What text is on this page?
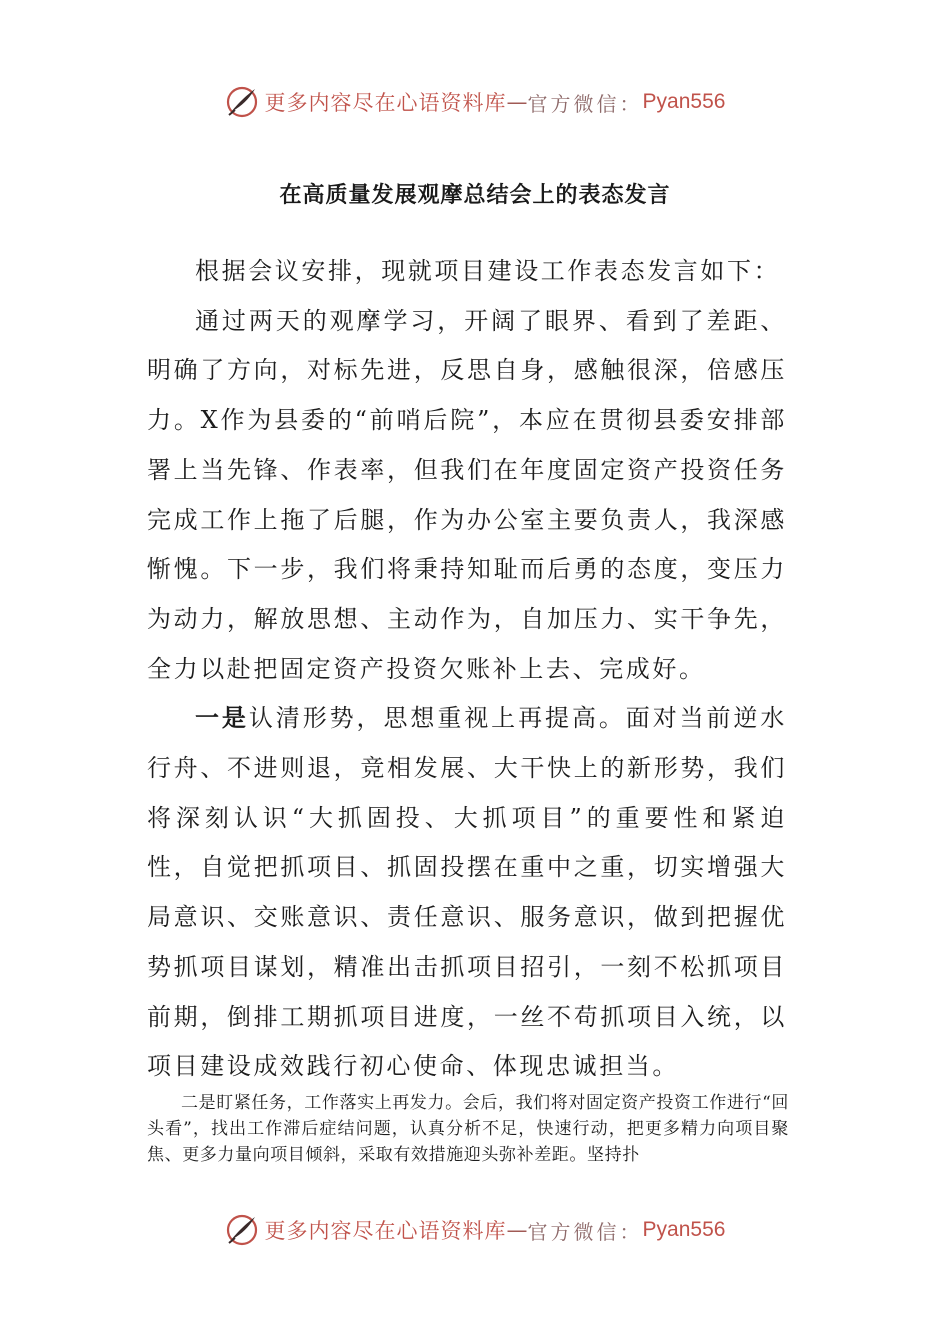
更多内容尽在心语资料库 — 官方微信： Pyan556
在高质量发展观摩总结会上的表态发言

根据会议安排，现就项目建设工作表态发言如下：

通过两天的观摩学习，开阔了眼界、看到了差距、明确了方向，对标先进，反思自身，感触很深，倍感压力。X作为县委的“前哨后院”，本应在贯彻县委安排部署上当先锋、作表率，但我们在年度固定资产投资任务完成工作上拖了后腿，作为办公室主要负责人，我深感惭愧。下一步，我们将秉持知耻而后勇的态度，变压力为动力，解放思想、主动作为，自加压力、实干争先，全力以赴把固定资产投资欠账补上去、完成好。

一是认清形势，思想重视上再提高。面对当前逆水行舟、不进则退，竞相发展、大干快上的新形势，我们将深刻认识“大抓固投、大抓项目”的重要性和紧迫性，自觉把抓项目、抓固投摆在重中之重，切实增强大局意识、交账意识、责任意识、服务意识，做到把握优势抓项目谋划，精准出击抓项目招引，一刻不松抓项目前期，倒排工期抓项目进度，一丝不苟抓项目入统，以项目建设成效践行初心使命、体现忠诚担当。

二是盯紧任务，工作落实上再发力。会后，我们将对固定资产投资工作进行“回头看”，找出工作滞后症结问题，认真分析不足，快速行动，把更多精力向项目聚焦、更多力量向项目倾斜，采取有效措施迎头弥补差距。坚持扑

更多内容尽在心语资料库 — 官方微信： Pyan556
